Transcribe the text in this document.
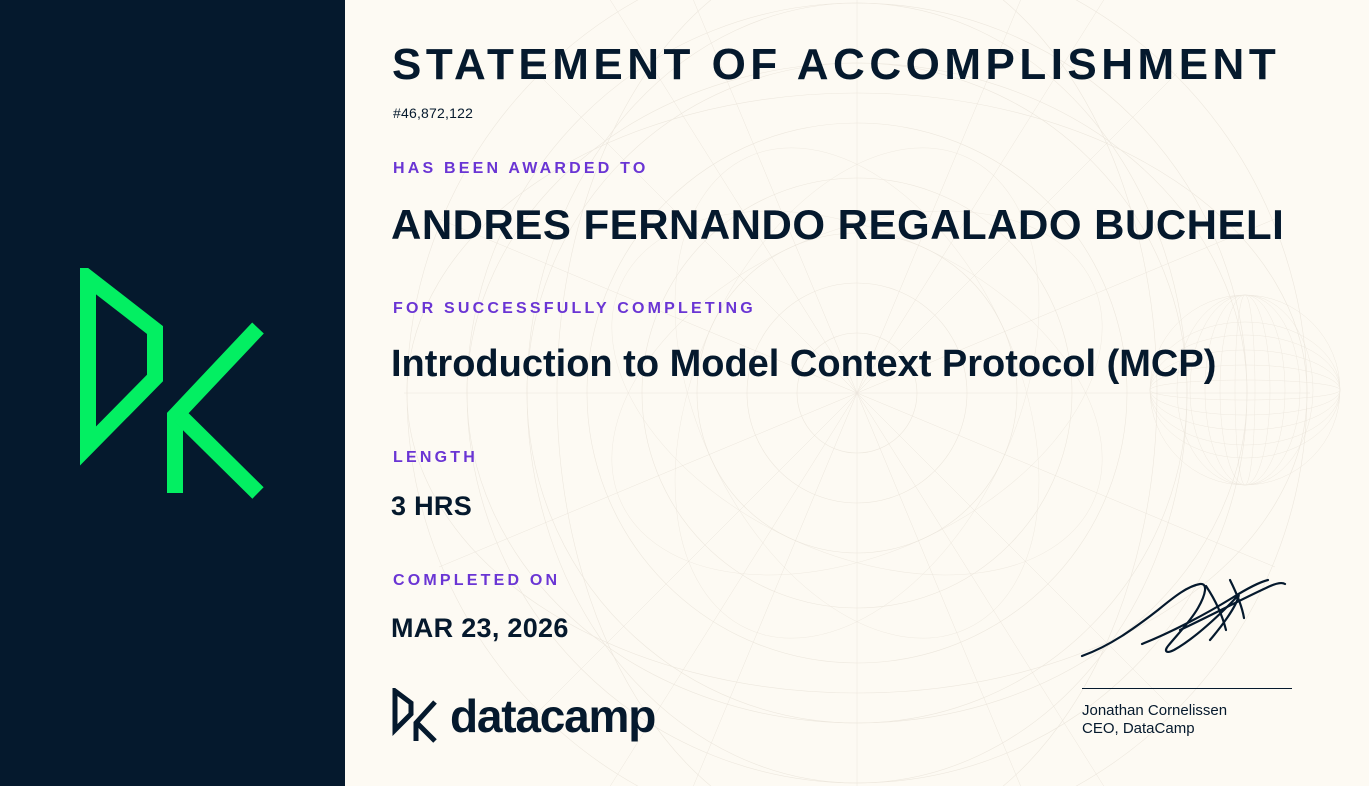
STATEMENT OF ACCOMPLISHMENT
#46,872,122
HAS BEEN AWARDED TO
ANDRES FERNANDO REGALADO BUCHELI
FOR SUCCESSFULLY COMPLETING
Introduction to Model Context Protocol (MCP)
LENGTH
3 HRS
COMPLETED ON
MAR 23, 2026
datacamp	Jonathan Cornelissen
CEO, DataCamp
